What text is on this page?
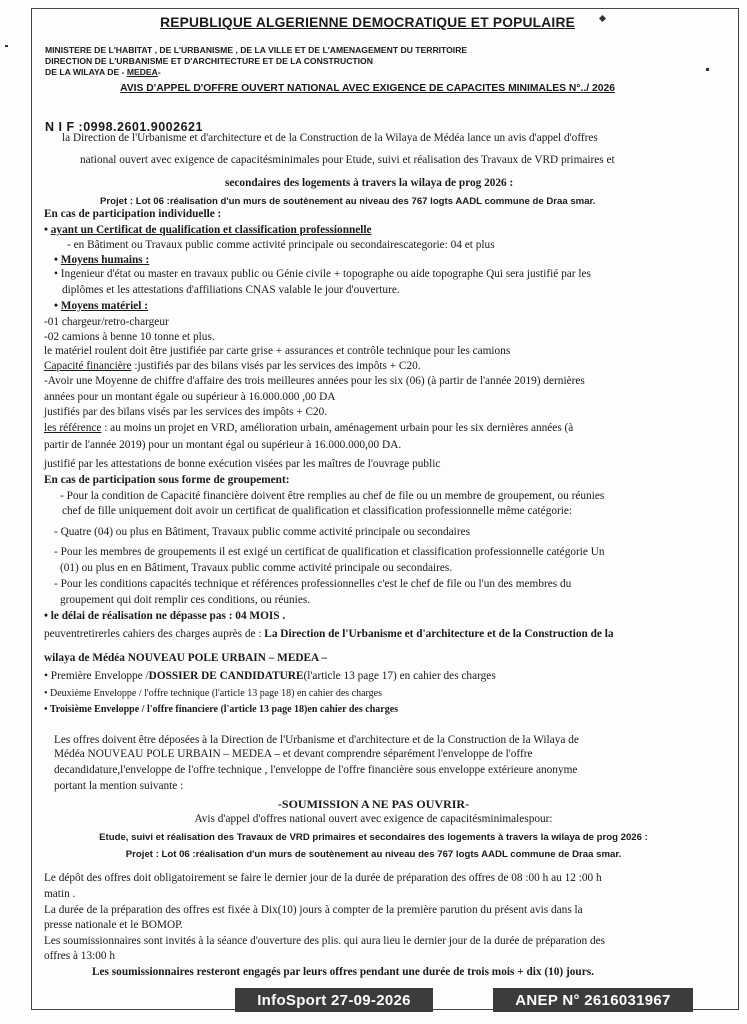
REPUBLIQUE ALGERIENNE DEMOCRATIQUE ET POPULAIRE
MINISTERE DE L'HABITAT , DE L'URBANISME , DE LA VILLE ET DE L'AMENAGEMENT DU TERRITOIRE
DIRECTION DE L'URBANISME ET D'ARCHITECTURE ET DE LA CONSTRUCTION
DE LA WILAYA DE - MEDEA-
AVIS D'APPEL D'OFFRE OUVERT NATIONAL AVEC EXIGENCE DE CAPACITES MINIMALES N°../ 2026
N I F :0998.2601.9002621
la Direction de l'Urbanisme et d'architecture et de la Construction de la Wilaya de Médéa lance un avis d'appel d'offres
national ouvert avec exigence de capacitésminimales pour Etude, suivi et réalisation des Travaux de VRD primaires et
secondaires des logements à travers la wilaya de prog 2026 :
Projet : Lot 06 :réalisation d'un murs de soutènement au niveau des 767 logts AADL commune de Draa smar.
En cas de participation individuelle :
• ayant un Certificat de qualification et classification professionnelle
- en Bâtiment ou Travaux public comme activité principale ou secondairescategorie: 04 et plus
• Moyens humains :
• Ingenieur d'état ou master en travaux public ou Génie civile + topographe ou aide topographe Qui sera justifié par les
diplômes et les attestations d'affiliations CNAS valable le jour d'ouverture.
• Moyens matériel :
-01 chargeur/retro-chargeur
-02 camions à benne 10 tonne et plus.
le matériel roulent doit être justifiée par carte grise + assurances et contrôle technique pour les camions
Capacité financière :justifiés par des bilans visés par les services des impôts + C20.
-Avoir une Moyenne de chiffre d'affaire des trois meilleures années pour les six (06) (à partir de l'année 2019) dernières
années pour un montant égale ou supérieur à 16.000.000 ,00 DA
justifiés par des bilans visés par les services des impôts + C20.
les référence : au moins un projet en VRD, amélioration urbain, aménagement urbain pour les six dernières années (à
partir de l'année 2019) pour un montant égal ou supérieur à 16.000.000,00 DA.
justifié par les attestations de bonne exécution visées par les maîtres de l'ouvrage public
En cas de participation sous forme de groupement:
- Pour la condition de Capacité financière doivent être remplies au chef de file ou un membre de groupement, ou réunies
chef de fille uniquement doit avoir un certificat de qualification et classification professionnelle même catégorie:
- Quatre (04) ou plus en Bâtiment, Travaux public comme activité principale ou secondaires
- Pour les membres de groupements il est exigé un certificat de qualification et classification professionnelle catégorie Un
(01) ou plus en en Bâtiment, Travaux public comme activité principale ou secondaires.
- Pour les conditions capacités technique et références professionnelles c'est le chef de file ou l'un des membres du
groupement qui doit remplir ces conditions, ou réunies.
• le délai de réalisation ne dépasse pas : 04 MOIS .
peuventretirerles cahiers des charges auprès de : La Direction de l'Urbanisme et d'architecture et de la Construction de la
wilaya de Médéa NOUVEAU POLE URBAIN – MEDEA –
• Première Enveloppe /DOSSIER DE CANDIDATURE(l'article 13 page 17) en cahier des charges
• Deuxième Enveloppe / l'offre technique (l'article 13 page 18) en cahier des charges
• Troisième Enveloppe / l'offre financiere (l'article 13 page 18)en cahier des charges
Les offres doivent être déposées à la Direction de l'Urbanisme et d'architecture et de la Construction de la Wilaya de
Médéa NOUVEAU POLE URBAIN – MEDEA – et devant comprendre séparément l'enveloppe de l'offre
decandidature,l'enveloppe de l'offre technique , l'enveloppe de l'offre financière sous enveloppe extérieure anonyme
portant la mention suivante :
-SOUMISSION A NE PAS OUVRIR-
Avis d'appel d'offres national ouvert avec exigence de capacitésminimalespour:
Etude, suivi et réalisation des Travaux de VRD primaires et secondaires des logements à travers la wilaya de prog 2026 :
Projet : Lot 06 :réalisation d'un murs de soutènement au niveau des 767 logts AADL commune de Draa smar.
Le dépôt des offres doit obligatoirement se faire le dernier jour de la durée de préparation des offres de 08 :00 h au 12 :00 h
matin .
La durée de la préparation des offres est fixée à Dix(10) jours à compter de la première parution du présent avis dans la
presse nationale et le BOMOP.
Les soumissionnaires sont invités à la séance d'ouverture des plis. qui aura lieu le dernier jour de la durée de préparation des
offres à 13:00 h
Les soumissionnaires resteront engagés par leurs offres pendant une durée de trois mois + dix (10) jours.
InfoSport 27-09-2026	ANEP N° 2616031967
